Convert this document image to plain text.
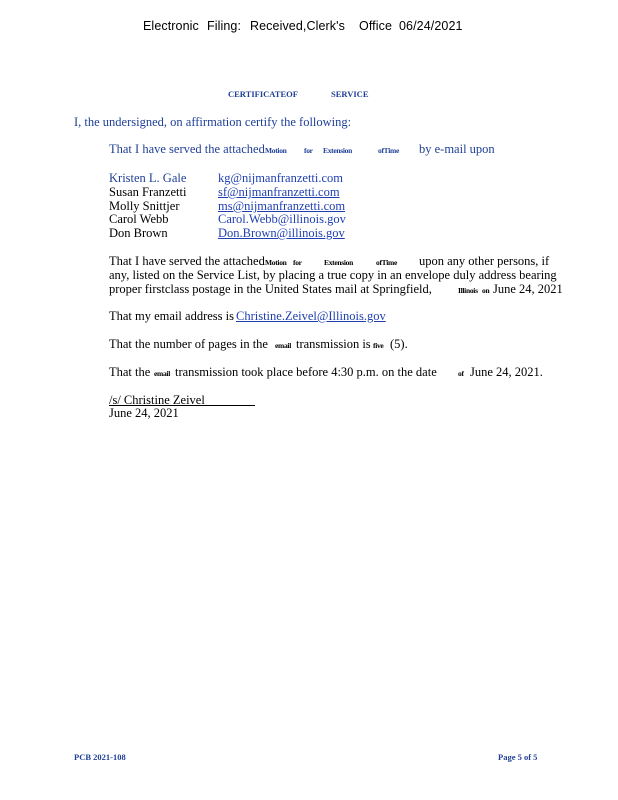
Electronic Filing: Received,Clerk's Office 06/24/2021
CERTIFICATEOF	SERVICE
I, the undersigned, on affirmation certify the following:
That I have served the attached Motion for Extension	ofTime by e-mail upon
Kristen L. Gale	kg@nijmanfranzetti.com
Susan Franzetti	sf@nijmanfranzetti.com
Molly Snittjer	ms@nijmanfranzetti.com
Carol Webb	Carol.Webb@illinois.gov
Don Brown	Don.Brown@illinois.gov
That I have served the attached Motion for	Extension	ofTime upon any other persons, if
any, listed on the Service List, by placing a true copy in an envelope duly address bearing
proper firstclass postage in the United States mail at Springfield,	Illinois on June 24, 2021
That my email address is Christine.Zeivel@Illinois.gov
That the number of pages in the email transmission is five (5).
That the email transmission took place before 4:30 p.m. on the date	of June 24, 2021.
/s/ Christine Zeivel
June 24, 2021
PCB 2021-108	Page 5 of 5
